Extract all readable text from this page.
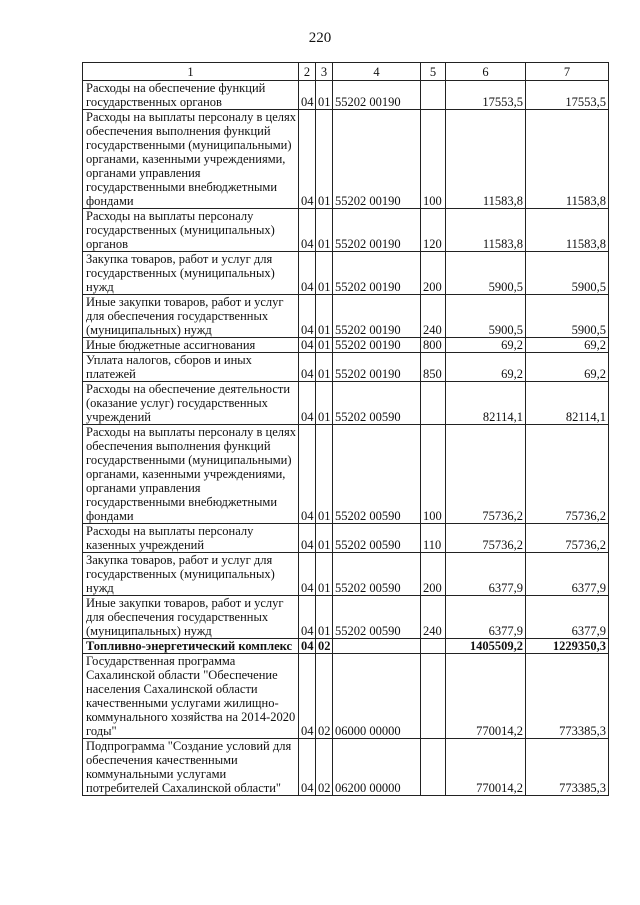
220
1	2	3	4	5	6	7
Расходы на обеспечение функций государственных органов	04	01	55202 00190		17553,5	17553,5
Расходы на выплаты персоналу в целях обеспечения выполнения функций государственными (муниципальными) органами, казенными учреждениями, органами управления государственными внебюджетными фондами	04	01	55202 00190	100	11583,8	11583,8
Расходы на выплаты персоналу государственных (муниципальных) органов	04	01	55202 00190	120	11583,8	11583,8
Закупка товаров, работ и услуг для государственных (муниципальных) нужд	04	01	55202 00190	200	5900,5	5900,5
Иные закупки товаров, работ и услуг для обеспечения государственных (муниципальных) нужд	04	01	55202 00190	240	5900,5	5900,5
Иные бюджетные ассигнования	04	01	55202 00190	800	69,2	69,2
Уплата налогов, сборов и иных платежей	04	01	55202 00190	850	69,2	69,2
Расходы на обеспечение деятельности (оказание услуг) государственных учреждений	04	01	55202 00590		82114,1	82114,1
Расходы на выплаты персоналу в целях обеспечения выполнения функций государственными (муниципальными) органами, казенными учреждениями, органами управления государственными внебюджетными фондами	04	01	55202 00590	100	75736,2	75736,2
Расходы на выплаты персоналу казенных учреждений	04	01	55202 00590	110	75736,2	75736,2
Закупка товаров, работ и услуг для государственных (муниципальных) нужд	04	01	55202 00590	200	6377,9	6377,9
Иные закупки товаров, работ и услуг для обеспечения государственных (муниципальных) нужд	04	01	55202 00590	240	6377,9	6377,9
Топливно-энергетический комплекс	04	02			1405509,2	1229350,3
Государственная программа Сахалинской области "Обеспечение населения Сахалинской области качественными услугами жилищно-коммунального хозяйства на 2014-2020 годы"	04	02	06000 00000		770014,2	773385,3
Подпрограмма "Создание условий для обеспечения качественными коммунальными услугами потребителей Сахалинской области"	04	02	06200 00000		770014,2	773385,3
